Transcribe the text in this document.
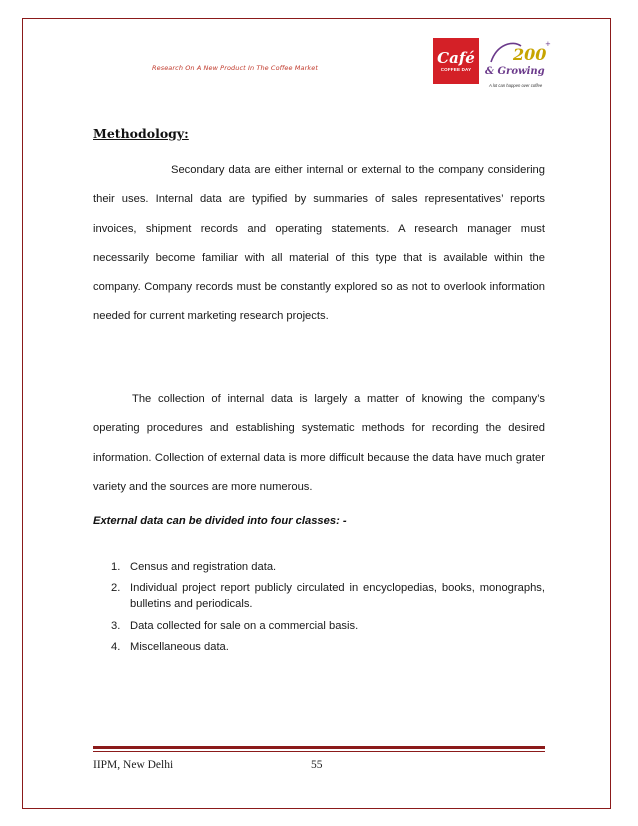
Research On A New Product In The Coffee Market
Café
COFFEE DAY
200
+
& Growing
A lot can happen over coffee
Methodology:

Secondary data are either internal or external to the company considering their uses. Internal data are typified by summaries of sales representatives’ reports invoices, shipment records and operating statements. A research manager must necessarily become familiar with all material of this type that is available within the company. Company records must be constantly explored so as not to overlook information needed for current marketing research projects.

The collection of internal data is largely a matter of knowing the company’s operating procedures and establishing systematic methods for recording the desired information. Collection of external data is more difficult because the data have much grater variety and the sources are more numerous.

External data can be divided into four classes: -
1. Census and registration data.
2. Individual project report publicly circulated in encyclopedias, books, monographs, bulletins and periodicals.
3. Data collected for sale on a commercial basis.
4. Miscellaneous data.
IIPM, New Delhi	55
